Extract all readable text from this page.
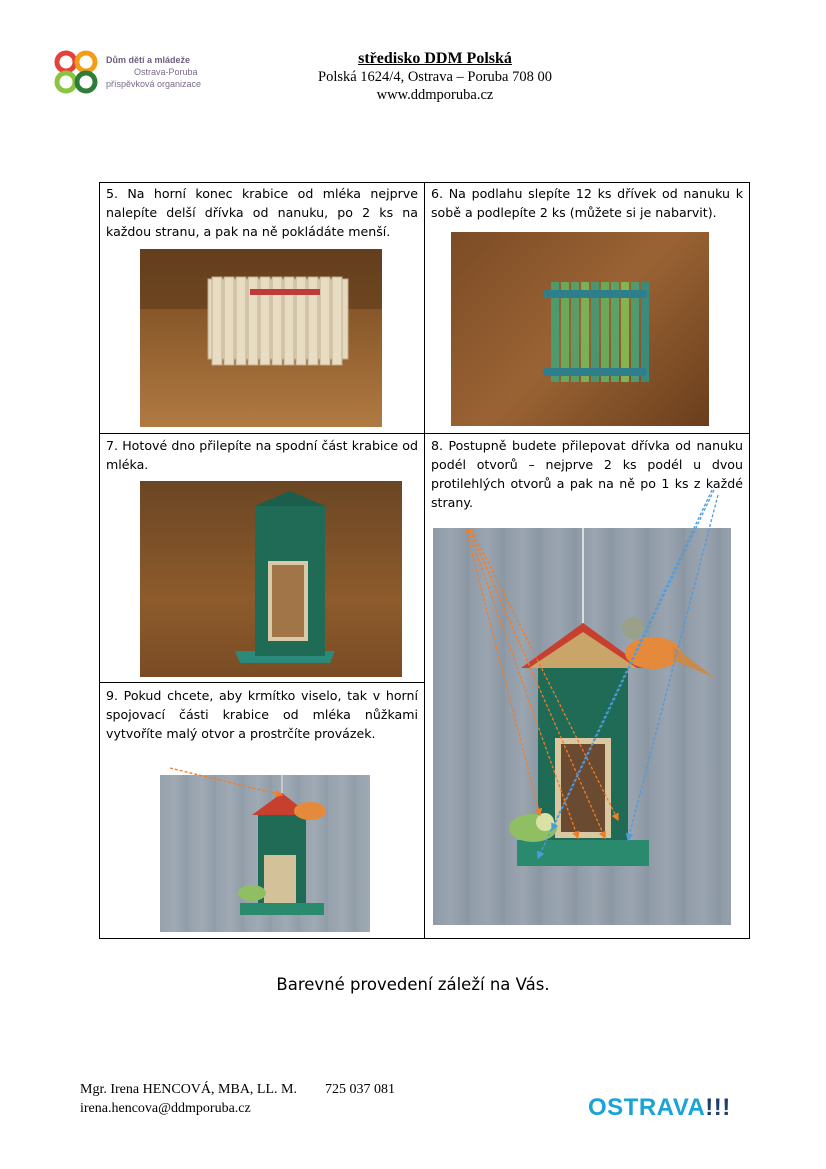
Dům dětí a mládeže
Ostrava-Poruba
příspěvková organizace
středisko DDM Polská
Polská 1624/4, Ostrava – Poruba 708 00
www.ddmporuba.cz
5. Na horní konec krabice od mléka nejprve nalepíte delší dřívka od nanuku, po 2 ks na každou stranu, a pak na ně pokládáte menší.
6. Na podlahu slepíte 12 ks dřívek od nanuku k sobě a podlepíte 2 ks (můžete si je nabarvit).
7. Hotové dno přilepíte na spodní část krabice od mléka.
8. Postupně budete přilepovat dřívka od nanuku podél otvorů – nejprve 2 ks podél u dvou protilehlých otvorů a pak na ně po 1 ks z každé strany.
9. Pokud chcete, aby krmítko viselo, tak v horní spojovací části krabice od mléka nůžkami vytvoříte malý otvor a prostrčíte provázek.
Barevné provedení záleží na Vás.
Mgr. Irena HENCOVÁ, MBA, LL. M. 725 037 081
irena.hencova@ddmporuba.cz	OSTRAVA!!!
